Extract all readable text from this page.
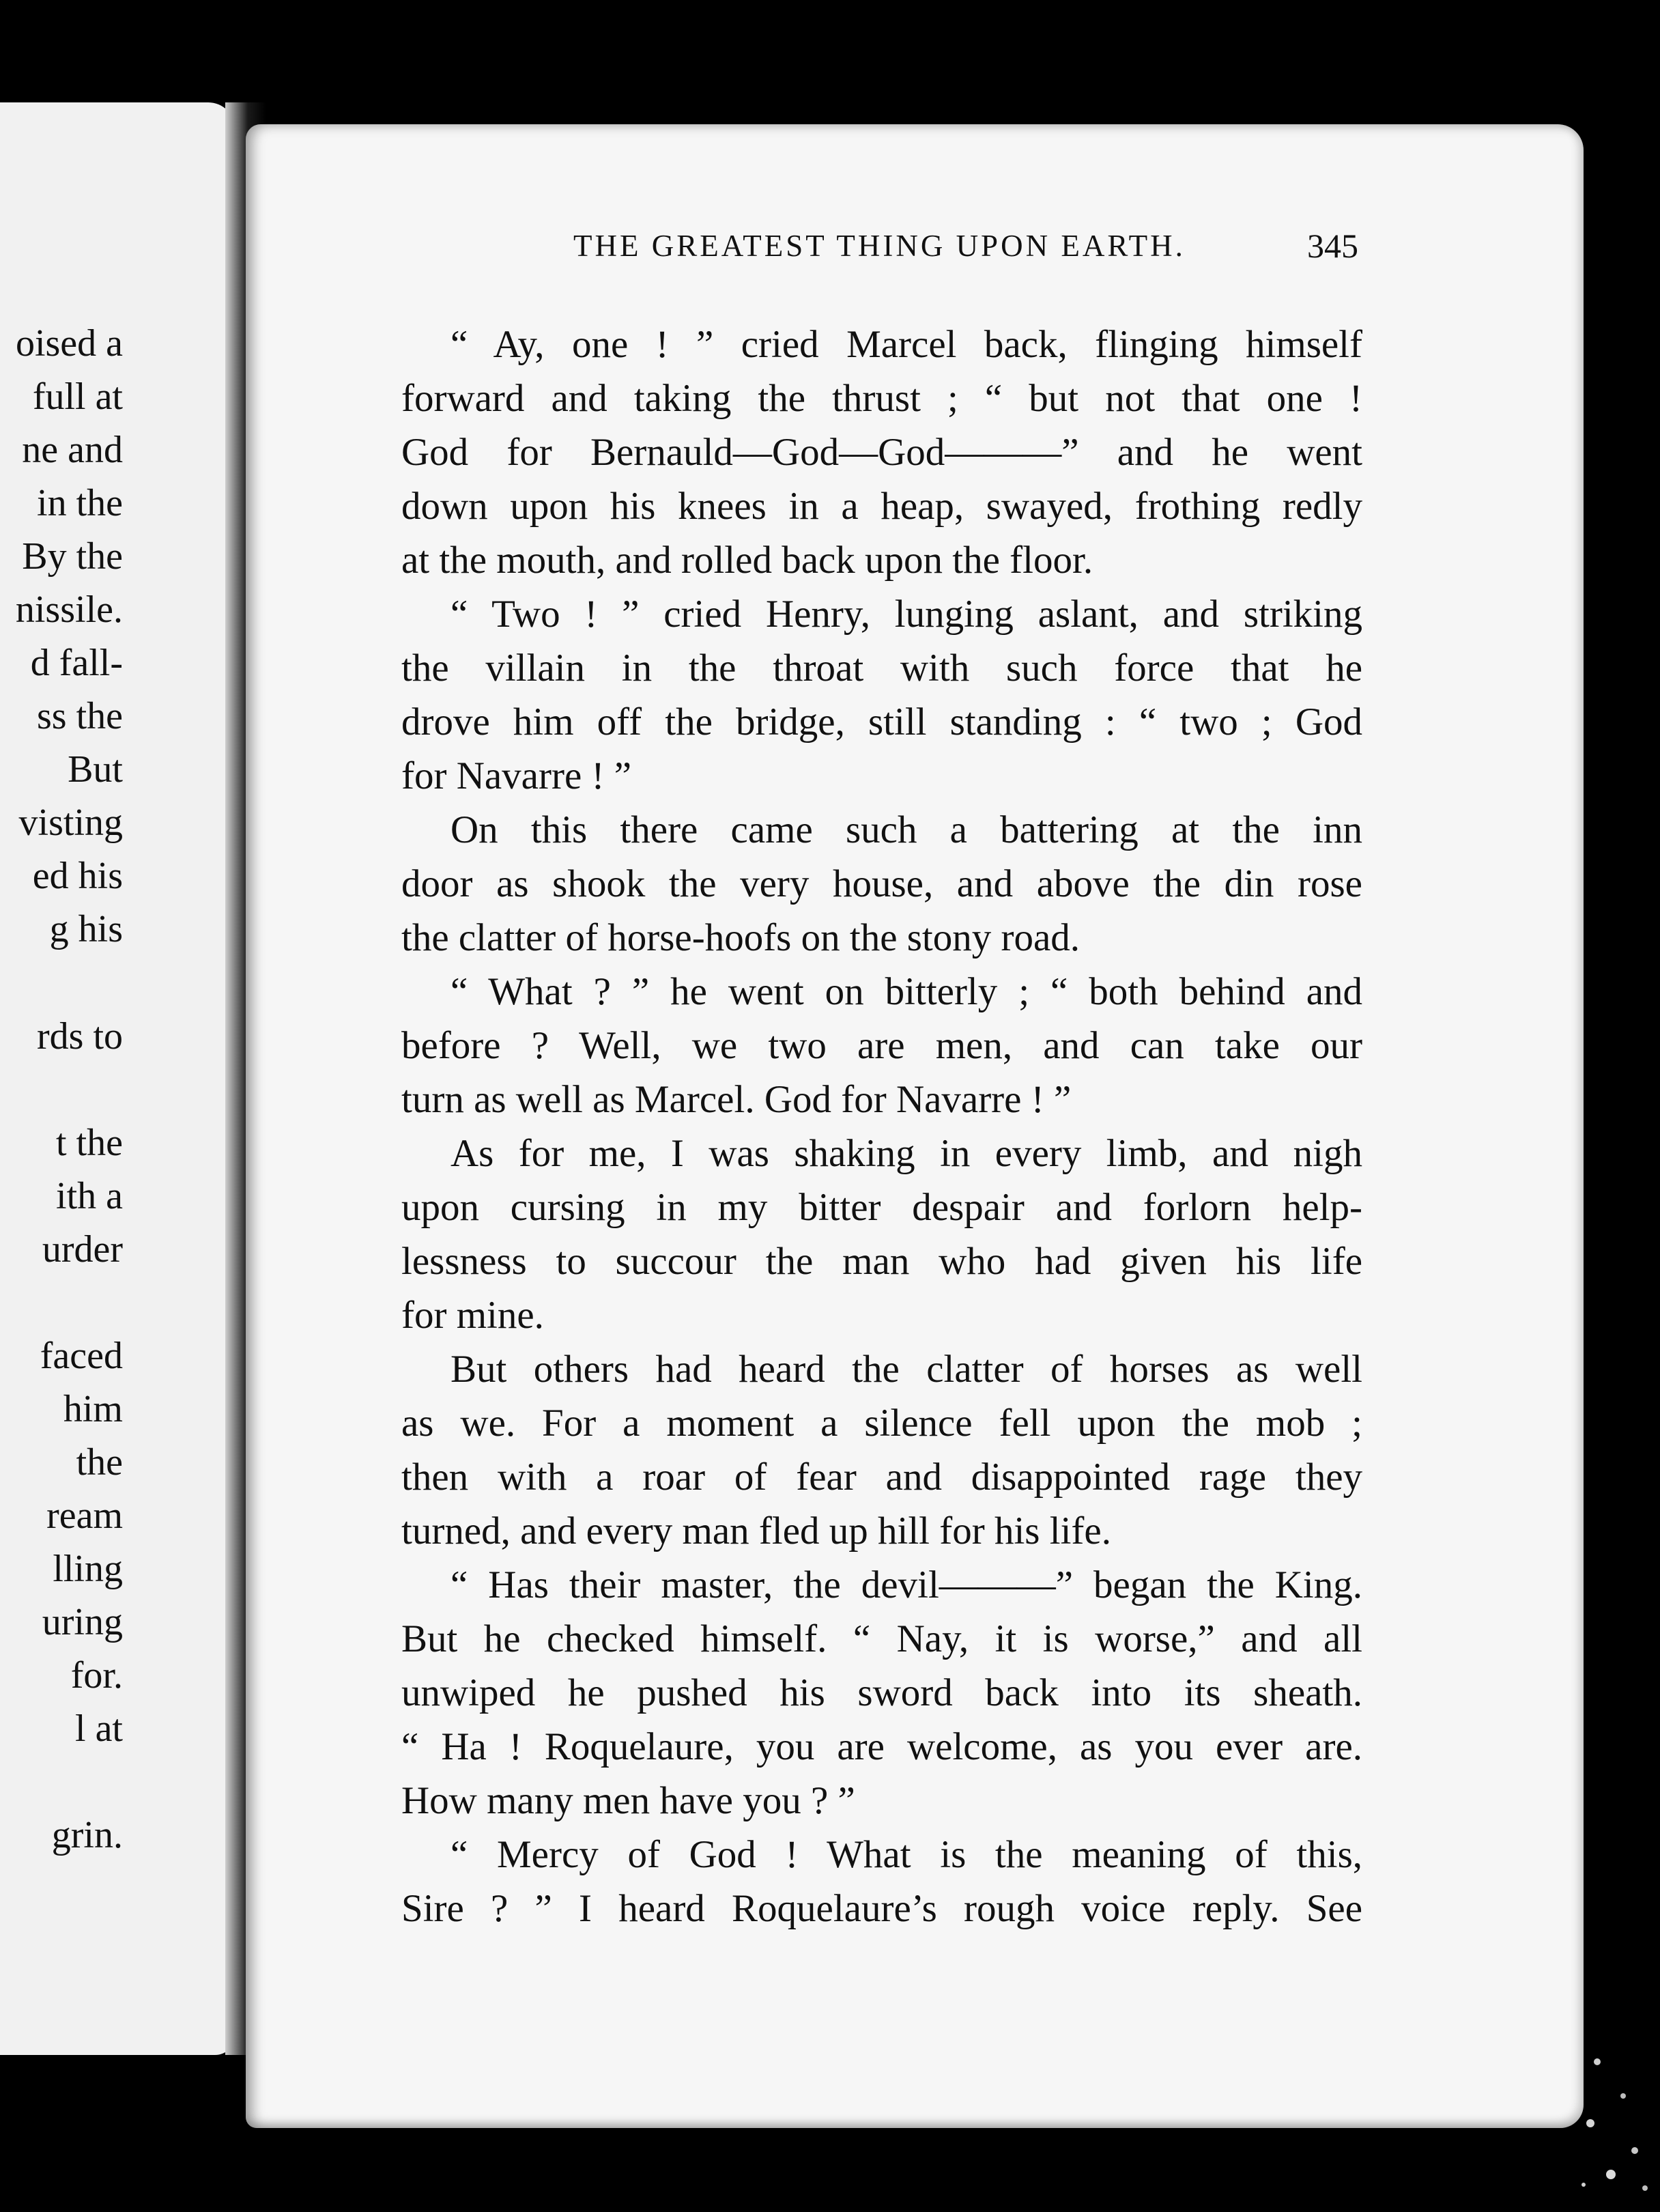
oised a
full at
ne and
in the
By the
nissile.
d fall-
ss the
But
visting
ed his
g his
rds to
t the
ith a
urder
faced
him
the
ream
lling
uring
for.
l at
grin.
THE GREATEST THING UPON EARTH.	345
“ Ay, one ! ” cried Marcel back, flinging himself
forward and taking the thrust ; “ but not that one !
God for Bernauld—God—God———” and he went
down upon his knees in a heap, swayed, frothing redly
at the mouth, and rolled back upon the floor.
“ Two ! ” cried Henry, lunging aslant, and striking
the villain in the throat with such force that he
drove him off the bridge, still standing : “ two ; God
for Navarre ! ”
On this there came such a battering at the inn
door as shook the very house, and above the din rose
the clatter of horse-hoofs on the stony road.
“ What ? ” he went on bitterly ; “ both behind and
before ? Well, we two are men, and can take our
turn as well as Marcel. God for Navarre ! ”
As for me, I was shaking in every limb, and nigh
upon cursing in my bitter despair and forlorn help-
lessness to succour the man who had given his life
for mine.
But others had heard the clatter of horses as well
as we. For a moment a silence fell upon the mob ;
then with a roar of fear and disappointed rage they
turned, and every man fled up hill for his life.
“ Has their master, the devil———” began the King.
But he checked himself. “ Nay, it is worse,” and all
unwiped he pushed his sword back into its sheath.
“ Ha ! Roquelaure, you are welcome, as you ever are.
How many men have you ? ”
“ Mercy of God ! What is the meaning of this,
Sire ? ” I heard Roquelaure’s rough voice reply. See
